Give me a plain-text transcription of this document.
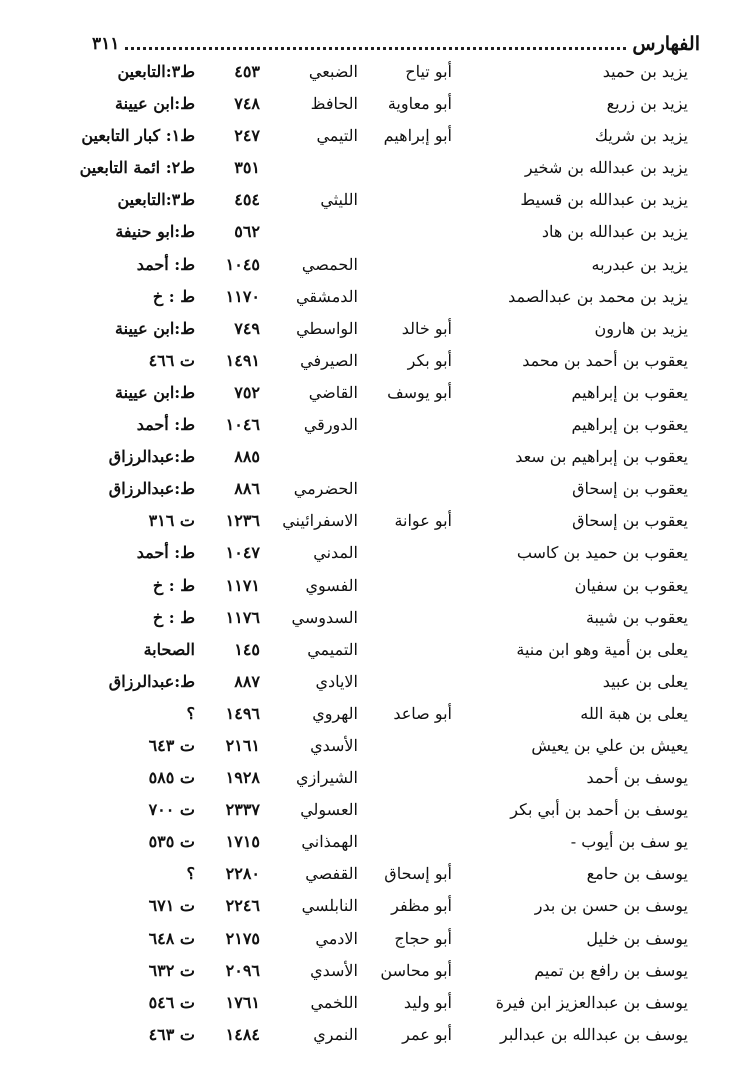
٣١١	الفهارس
يزيد بن حميد
أبو تياح
الضبعي
٤٥٣
ط٣:التابعين
يزيد بن زريع
أبو معاوية
الحافظ
٧٤٨
ط:ابن عيينة
يزيد بن شريك
أبو إبراهيم
التيمي
٢٤٧
ط١: كبار التابعين
يزيد بن عبدالله بن شخير
٣٥١
ط٢: ائمة التابعين
يزيد بن عبدالله بن قسيط
الليثي
٤٥٤
ط٣:التابعين
يزيد بن عبدالله بن هاد
٥٦٢
ط:ابو حنيفة
يزيد بن عبدربه
الحمصي
١٠٤٥
ط: أحمد
يزيد بن محمد بن عبدالصمد
الدمشقي
١١٧٠
ط : خ
يزيد بن هارون
أبو خالد
الواسطي
٧٤٩
ط:ابن عيينة
يعقوب بن أحمد بن محمد
أبو بكر
الصيرفي
١٤٩١
ت ٤٦٦
يعقوب بن إبراهيم
أبو يوسف
القاضي
٧٥٢
ط:ابن عيينة
يعقوب بن إبراهيم
الدورقي
١٠٤٦
ط: أحمد
يعقوب بن إبراهيم بن سعد
٨٨٥
ط:عبدالرزاق
يعقوب بن إسحاق
الحضرمي
٨٨٦
ط:عبدالرزاق
يعقوب بن إسحاق
أبو عوانة
الاسفرائيني
١٢٣٦
ت ٣١٦
يعقوب بن حميد بن كاسب
المدني
١٠٤٧
ط: أحمد
يعقوب بن سفيان
الفسوي
١١٧١
ط : خ
يعقوب بن شيبة
السدوسي
١١٧٦
ط : خ
يعلى بن أمية وهو ابن منية
التميمي
١٤٥
الصحابة
يعلى بن عبيد
الايادي
٨٨٧
ط:عبدالرزاق
يعلى بن هبة الله
أبو صاعد
الهروي
١٤٩٦
؟
يعيش بن علي بن يعيش
الأسدي
٢١٦١
ت ٦٤٣
يوسف بن أحمد
الشيرازي
١٩٢٨
ت ٥٨٥
يوسف بن أحمد بن أبي بكر
العسولي
٢٣٣٧
ت ٧٠٠
يو سف بن أيوب -
الهمذاني
١٧١٥
ت ٥٣٥
يوسف بن حامع
أبو إسحاق
القفصي
٢٢٨٠
؟
يوسف بن حسن بن بدر
أبو مظفر
النابلسي
٢٢٤٦
ت ٦٧١
يوسف بن خليل
أبو حجاج
الادمي
٢١٧٥
ت ٦٤٨
يوسف بن رافع بن تميم
أبو محاسن
الأسدي
٢٠٩٦
ت ٦٣٢
يوسف بن عبدالعزيز ابن فيرة
أبو وليد
اللخمي
١٧٦١
ت ٥٤٦
يوسف بن عبدالله بن عبدالبر
أبو عمر
النمري
١٤٨٤
ت ٤٦٣
